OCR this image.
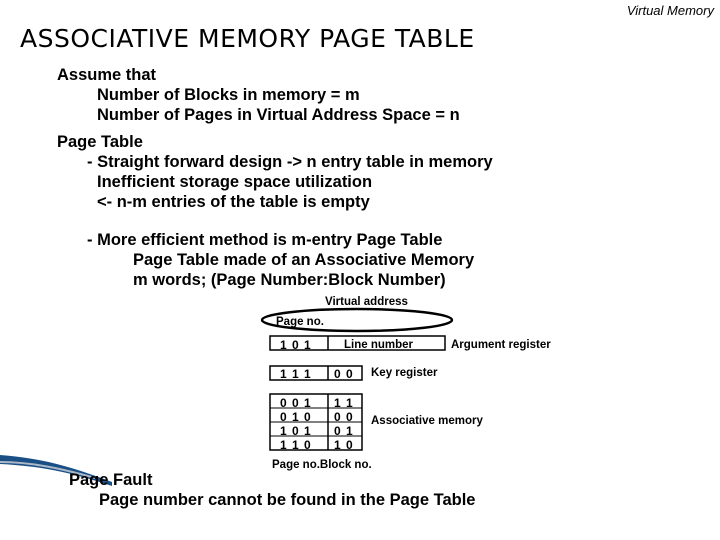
Virtual Memory
ASSOCIATIVE MEMORY PAGE TABLE
Assume that
Number of Blocks in memory = m
Number of Pages in Virtual Address Space = n
Page Table
- Straight forward design -> n entry table in memory
Inefficient storage space utilization
<- n-m entries of the table is empty
- More efficient method is m-entry Page Table
Page Table made of an Associative Memory
m words; (Page Number:Block Number)
Virtual address
Page no.
1 0 1	Line number	Argument register
1 1 1 0 0 Key register
0 0 1 1 1
0 1 0 0 0
1 0 1 0 1
1 1 0 1 0
Associative memory
Page no.Block no.
Page Fault
Page number cannot be found in the Page Table
